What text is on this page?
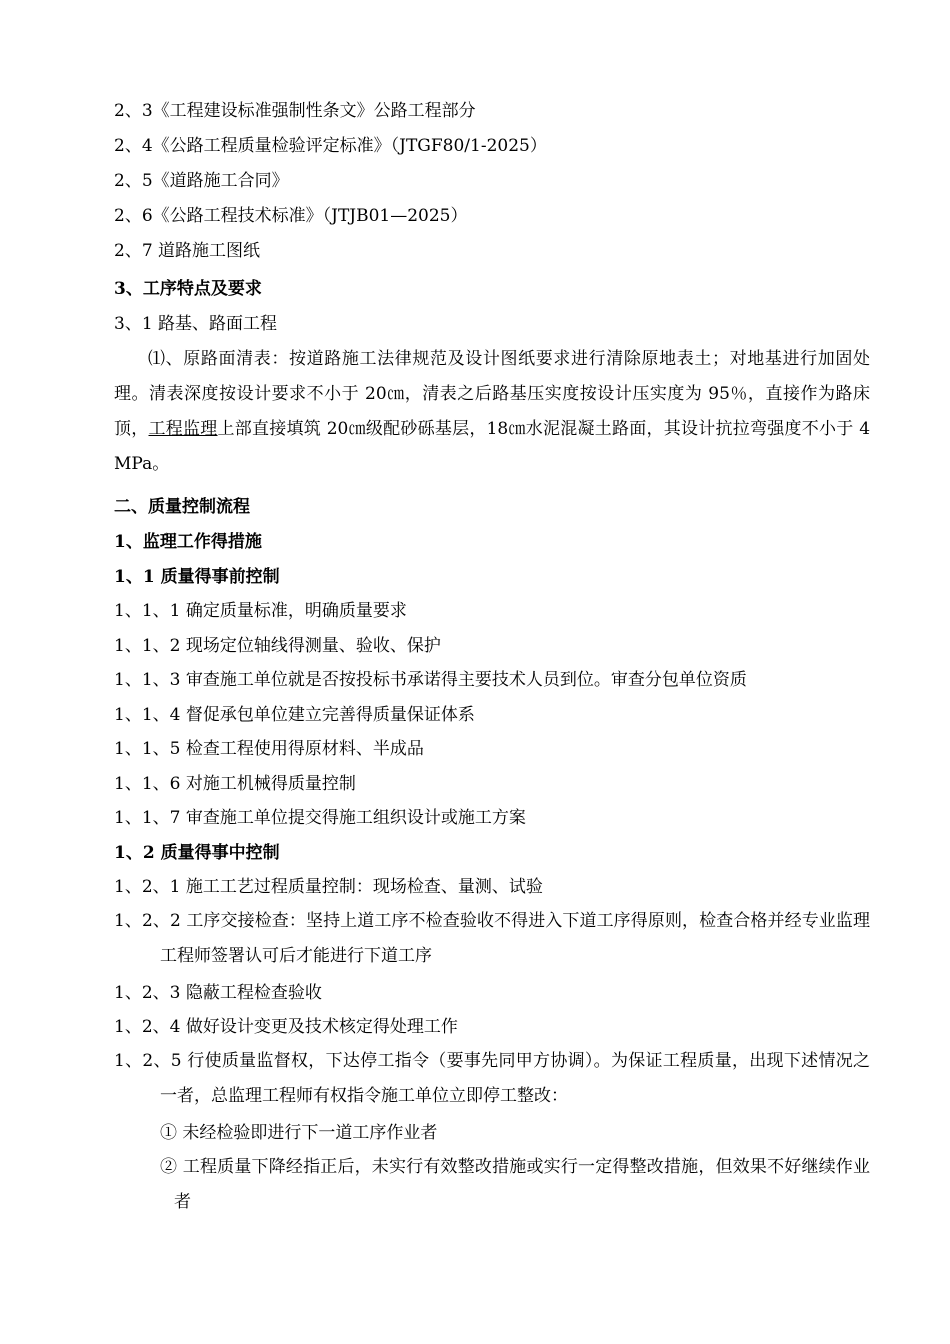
2、3《工程建设标准强制性条文》公路工程部分
2、4《公路工程质量检验评定标准》（JTGF80/1-2025）
2、5《道路施工合同》
2、6《公路工程技术标准》（JTJB01—2025）
2、7 道路施工图纸
3、工序特点及要求
3、1 路基、路面工程
⑴、原路面清表：按道路施工法律规范及设计图纸要求进行清除原地表土；对地基进行加固处理。清表深度按设计要求不小于 20㎝，清表之后路基压实度按设计压实度为 95％，直接作为路床顶，工程监理上部直接填筑 20㎝级配砂砾基层，18㎝水泥混凝土路面，其设计抗拉弯强度不小于 4 MPa。
二、质量控制流程
1、监理工作得措施
1、1 质量得事前控制
1、1、1 确定质量标准，明确质量要求
1、1、2 现场定位轴线得测量、验收、保护
1、1、3 审查施工单位就是否按投标书承诺得主要技术人员到位。审查分包单位资质
1、1、4 督促承包单位建立完善得质量保证体系
1、1、5 检查工程使用得原材料、半成品
1、1、6 对施工机械得质量控制
1、1、7 审查施工单位提交得施工组织设计或施工方案
1、2 质量得事中控制
1、2、1 施工工艺过程质量控制：现场检查、量测、试验
1、2、2 工序交接检查：坚持上道工序不检查验收不得进入下道工序得原则，检查合格并经专业监理工程师签署认可后才能进行下道工序
1、2、3 隐蔽工程检查验收
1、2、4 做好设计变更及技术核定得处理工作
1、2、5 行使质量监督权，下达停工指令（要事先同甲方协调）。为保证工程质量，出现下述情况之一者，总监理工程师有权指令施工单位立即停工整改：
① 未经检验即进行下一道工序作业者
② 工程质量下降经指正后，未实行有效整改措施或实行一定得整改措施，但效果不好继续作业者
